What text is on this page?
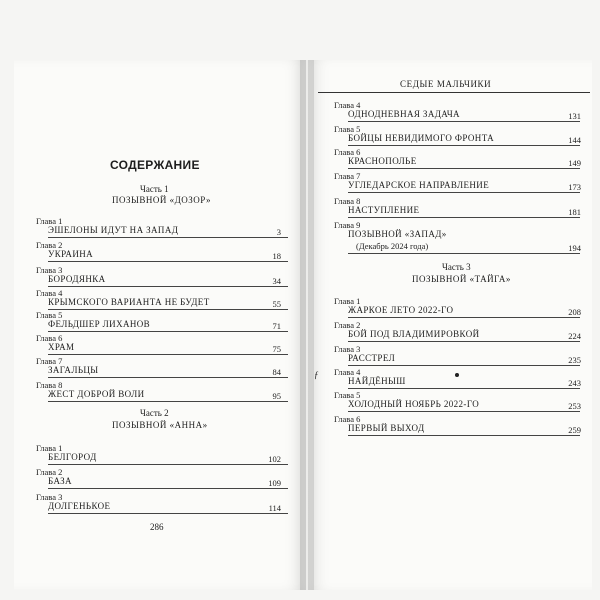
СОДЕРЖАНИЕ
Часть 1
ПОЗЫВНОЙ «ДОЗОР»
Глава 1
ЭШЕЛОНЫ ИДУТ НА ЗАПАД	3
Глава 2
УКРАИНА	18
Глава 3
БОРОДЯНКА	34
Глава 4
КРЫМСКОГО ВАРИАНТА НЕ БУДЕТ	55
Глава 5
ФЕЛЬДШЕР ЛИХАНОВ	71
Глава 6
ХРАМ	75
Глава 7
ЗАГАЛЬЦЫ	84
Глава 8
ЖЕСТ ДОБРОЙ ВОЛИ	95
Часть 2
ПОЗЫВНОЙ «АННА»
Глава 1
БЕЛГОРОД	102
Глава 2
БАЗА	109
Глава 3
ДОЛГЕНЬКОЕ	114
286
СЕДЫЕ МАЛЬЧИКИ
Глава 4
ОДНОДНЕВНАЯ ЗАДАЧА	131
Глава 5
БОЙЦЫ НЕВИДИМОГО ФРОНТА	144
Глава 6
КРАСНОПОЛЬЕ	149
Глава 7
УГЛЕДАРСКОЕ НАПРАВЛЕНИЕ	173
Глава 8
НАСТУПЛЕНИЕ	181
Глава 9
ПОЗЫВНОЙ «ЗАПАД»
(Декабрь 2024 года)	194
Часть 3
ПОЗЫВНОЙ «ТАЙГА»
Глава 1
ЖАРКОЕ ЛЕТО 2022-ГО	208
Глава 2
БОЙ ПОД ВЛАДИМИРОВКОЙ	224
Глава 3
РАССТРЕЛ	235
Глава 4
НАЙДЁНЫШ	243
Глава 5
ХОЛОДНЫЙ НОЯБРЬ 2022-ГО	253
Глава 6
ПЕРВЫЙ ВЫХОД	259
ƒ
